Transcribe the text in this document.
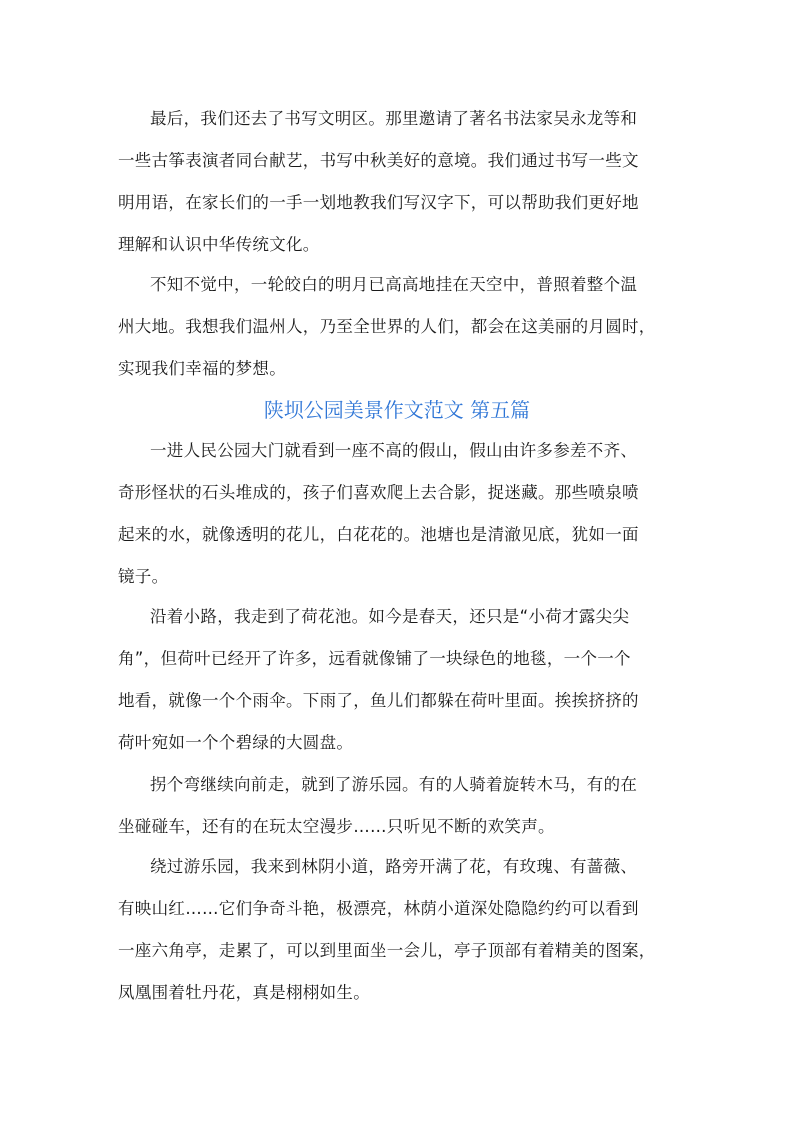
最后，我们还去了书写文明区。那里邀请了著名书法家吴永龙等和
一些古筝表演者同台献艺，书写中秋美好的意境。我们通过书写一些文
明用语，在家长们的一手一划地教我们写汉字下，可以帮助我们更好地
理解和认识中华传统文化。
不知不觉中，一轮皎白的明月已高高地挂在天空中，普照着整个温
州大地。我想我们温州人，乃至全世界的人们，都会在这美丽的月圆时，
实现我们幸福的梦想。
陕坝公园美景作文范文 第五篇
一进人民公园大门就看到一座不高的假山，假山由许多参差不齐、
奇形怪状的石头堆成的，孩子们喜欢爬上去合影，捉迷藏。那些喷泉喷
起来的水，就像透明的花儿，白花花的。池塘也是清澈见底，犹如一面
镜子。
沿着小路，我走到了荷花池。如今是春天，还只是“小荷才露尖尖
角”，但荷叶已经开了许多，远看就像铺了一块绿色的地毯，一个一个
地看，就像一个个雨伞。下雨了，鱼儿们都躲在荷叶里面。挨挨挤挤的
荷叶宛如一个个碧绿的大圆盘。
拐个弯继续向前走，就到了游乐园。有的人骑着旋转木马，有的在
坐碰碰车，还有的在玩太空漫步……只听见不断的欢笑声。
绕过游乐园，我来到林阴小道，路旁开满了花，有玫瑰、有蔷薇、
有映山红……它们争奇斗艳，极漂亮，林荫小道深处隐隐约约可以看到
一座六角亭，走累了，可以到里面坐一会儿，亭子顶部有着精美的图案，
凤凰围着牡丹花，真是栩栩如生。
